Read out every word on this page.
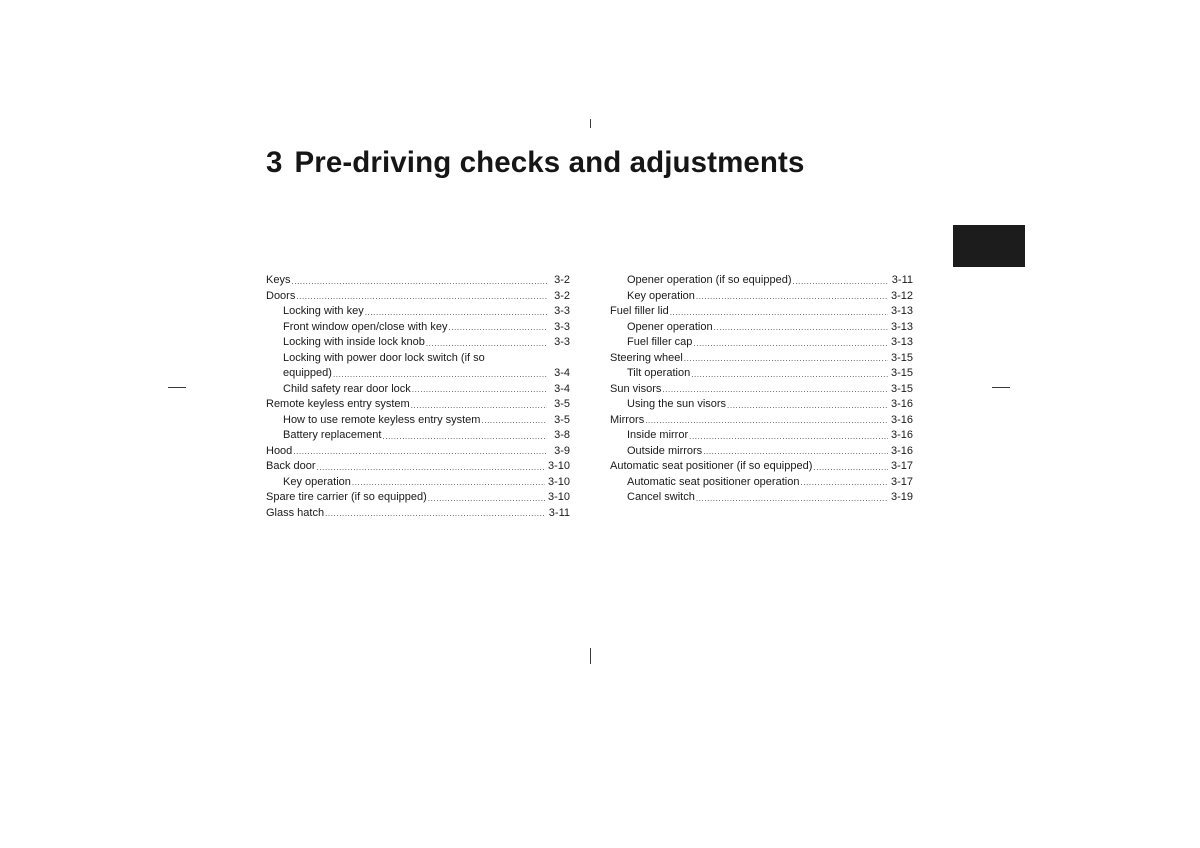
3 Pre-driving checks and adjustments
Keys .....	3-2
Doors .....	3-2
Locking with key .....	3-3
Front window open/close with key .....	3-3
Locking with inside lock knob .....	3-3
Locking with power door lock switch (if so
equipped) .....	3-4
Child safety rear door lock .....	3-4
Remote keyless entry system .....	3-5
How to use remote keyless entry system .....	3-5
Battery replacement .....	3-8
Hood .....	3-9
Back door .....	3-10
Key operation .....	3-10
Spare tire carrier (if so equipped) .....	3-10
Glass hatch .....	3-11
Opener operation (if so equipped) .....	3-11
Key operation .....	3-12
Fuel filler lid .....	3-13
Opener operation .....	3-13
Fuel filler cap .....	3-13
Steering wheel .....	3-15
Tilt operation .....	3-15
Sun visors .....	3-15
Using the sun visors .....	3-16
Mirrors .....	3-16
Inside mirror .....	3-16
Outside mirrors .....	3-16
Automatic seat positioner (if so equipped) .....	3-17
Automatic seat positioner operation .....	3-17
Cancel switch .....	3-19
